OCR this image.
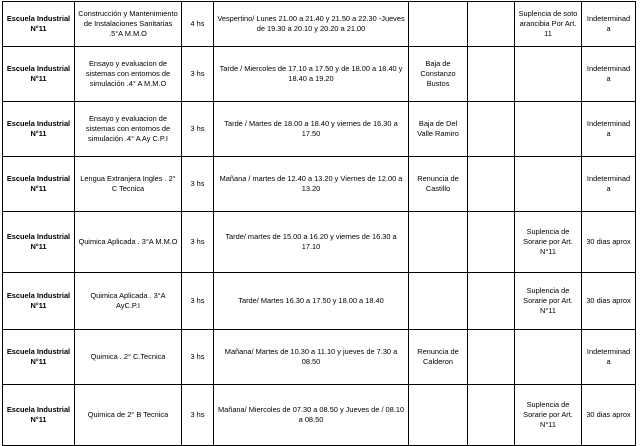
Escuela Industrial N°11	Construcción y Mantenimiento de Instalaciones Sanitarias .5°A M.M.O	4 hs	Vespertino/ Lunes 21.00 a 21.40 y 21.50 a 22.30 -Jueves de 19.30 a 20.10 y 20.20 a 21.00			Suplencia de soto arancibia Por Art. 11	Indeterminada
Escuela Industrial N°11	Ensayo y evaluacion de sistemas con entornos de simulación .4° A M.M.O	3 hs	Tarde / Miercoles de 17.10 a 17.50 y de 18.00 a 18.40 y 18.40 a 19.20	Baja de Constanzo Bustos			Indeterminada
Escuela Industrial N°11	Ensayo y evaluacion de sistemas con entornos de simulación .4° A Ay C.P.I	3 hs	Tarde / Martes de 18.00 a 18.40 y viernes de 16.30 a 17.50	Baja de Del Valle Ramiro			Indeterminada
Escuela Industrial N°11	Lengua Extranjera Ingles . 2° C Tecnica	3 hs	Mañana / martes de 12.40 a 13.20 y Viernes de 12.00 a 13.20	Renuncia de Castillo			Indeterminada
Escuela Industrial N°11	Quimica Aplicada . 3°A M.M.O	3 hs	Tarde/ martes de 15.00 a 16.20 y viernes de 16.30 a 17.10			Suplencia de Sorarie por Art. N°11	30 dias aprox
Escuela Industrial N°11	Quimica Aplicada . 3°A AyC.P.I	3 hs	Tarde/ Martes 16.30 a 17.50 y 18.00 a 18.40			Suplencia de Sorarie por Art. N°11	30 dias aprox
Escuela Industrial N°11	Quimica . 2° C.Tecnica	3 hs	Mañana/ Martes de 10.30 a 11.10 y jueves de 7.30 a 08.50	Renuncia de Calderon			Indeterminada
Escuela Industrial N°11	Quimica de 2° B Tecnica	3 hs	Mañana/ Miercoles de 07.30 a 08.50 y Jueves de / 08.10 a 08.50			Suplencia de Sorarie por Art. N°11	30 dias aprox
